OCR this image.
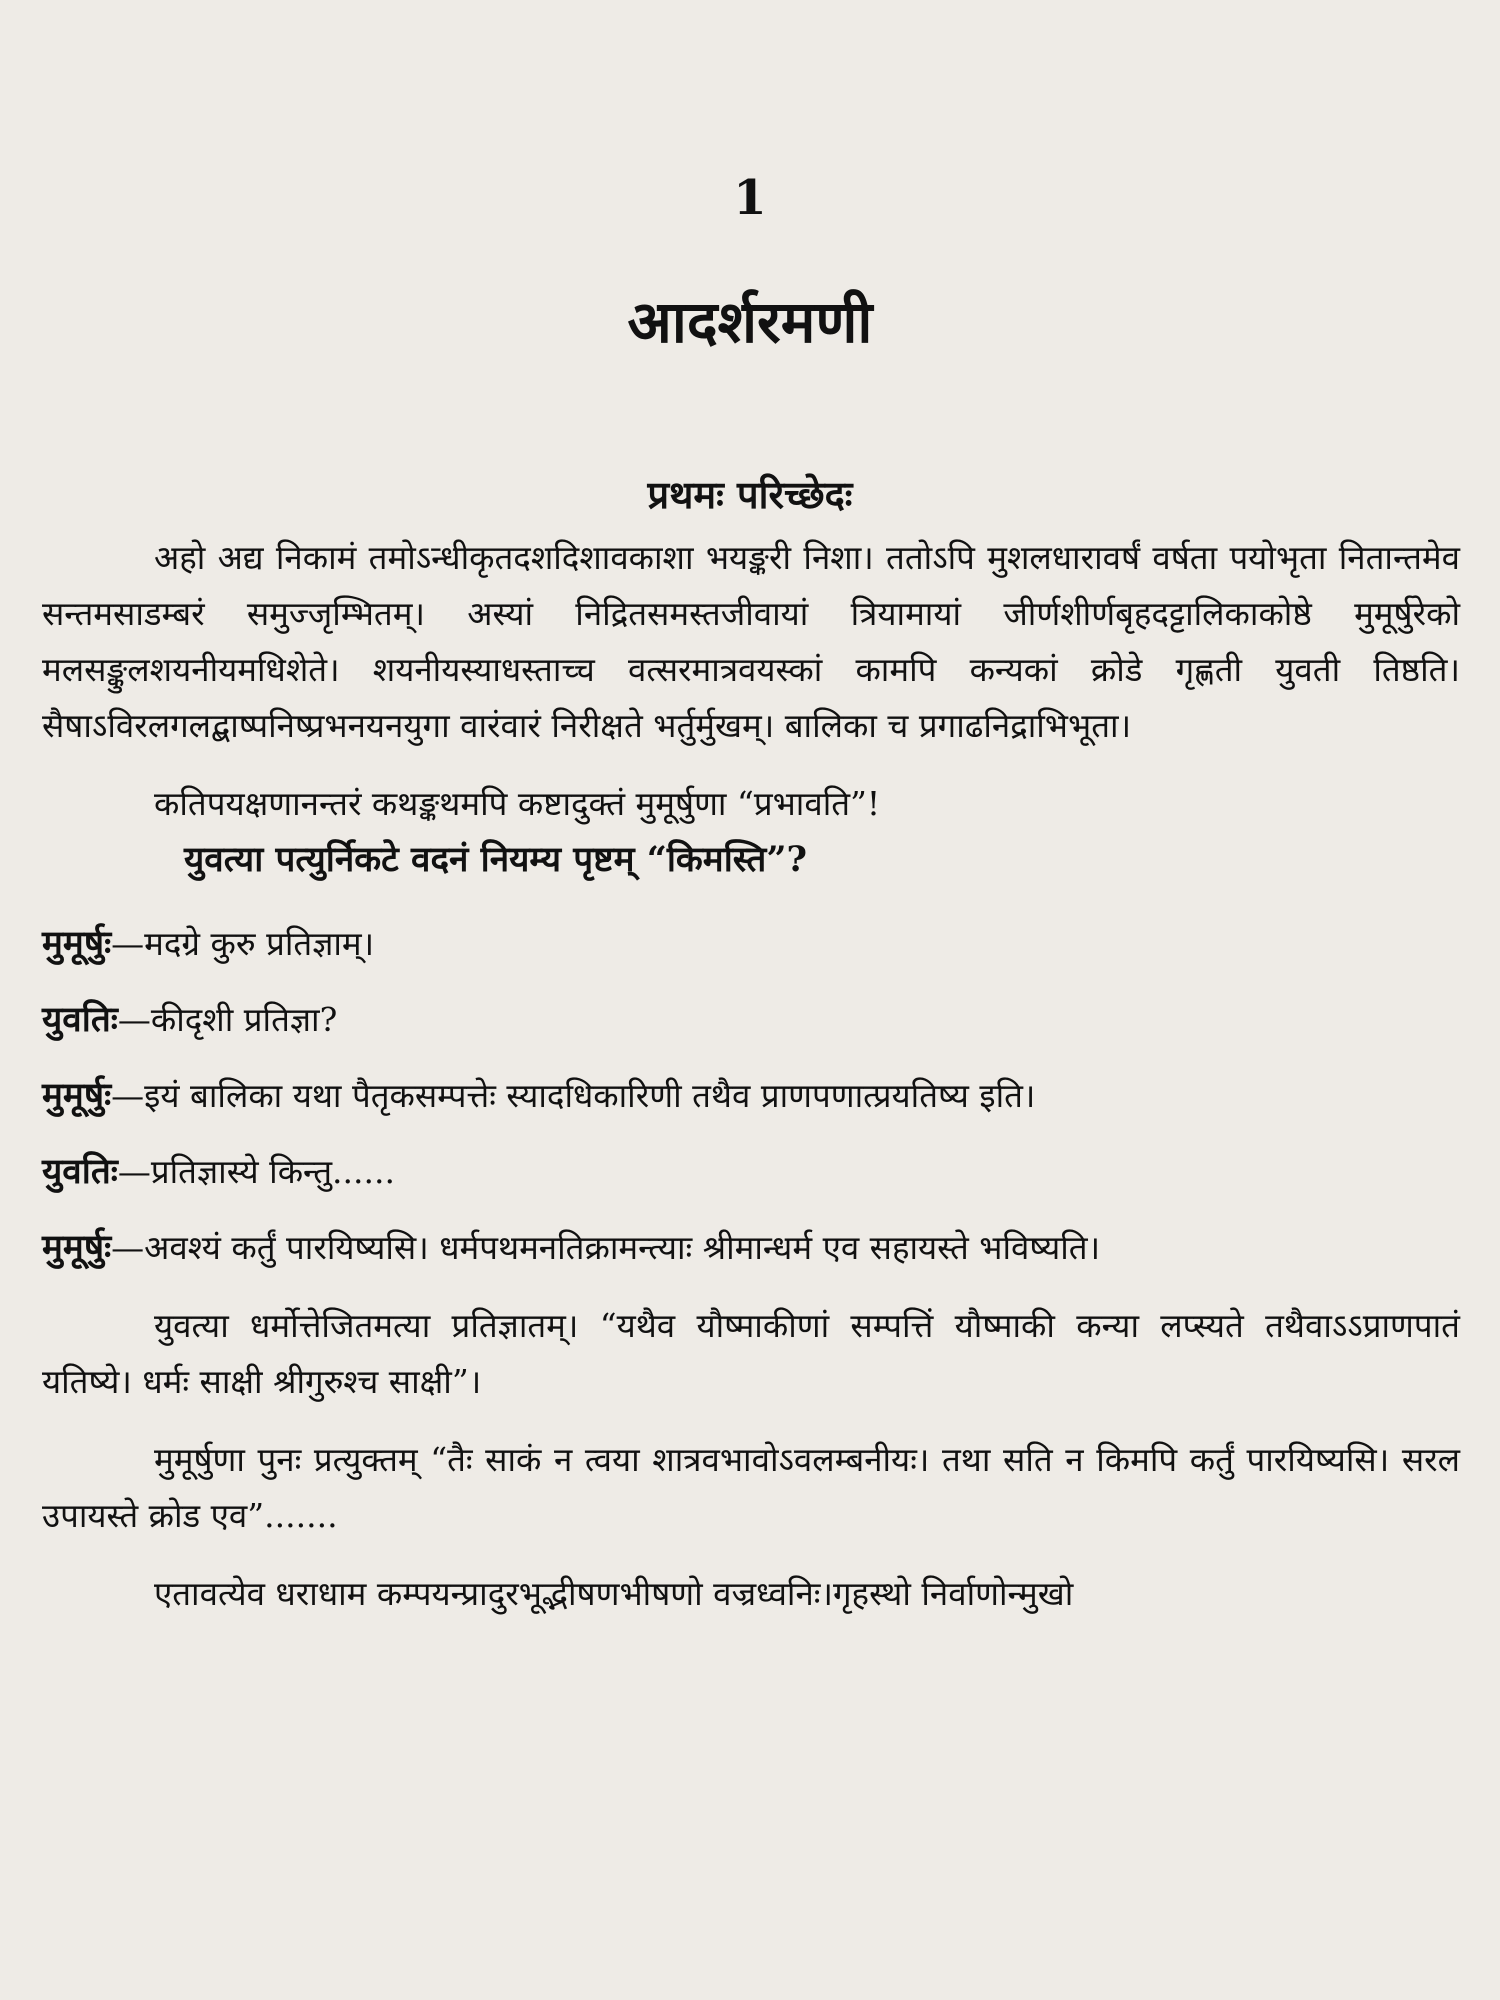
1
आदर्शरमणी
प्रथमः परिच्छेदः

अहो अद्य निकामं तमोऽन्धीकृतदशदिशावकाशा भयङ्करी निशा। ततोऽपि मुशलधारावर्षं वर्षता पयोभृता नितान्तमेव सन्तमसाडम्बरं समुज्जृम्भितम्। अस्यां निद्रितसमस्तजीवायां त्रियामायां जीर्णशीर्णबृहदट्टालिकाकोष्ठे मुमूर्षुरेको मलसङ्कुलशयनीयमधिशेते। शयनीयस्याधस्ताच्च वत्सरमात्रवयस्कां कामपि कन्यकां क्रोडे गृह्णती युवती तिष्ठति। सैषाऽविरलगलद्बाष्पनिष्प्रभनयनयुगा वारंवारं निरीक्षते भर्तुर्मुखम्। बालिका च प्रगाढनिद्राभिभूता।

कतिपयक्षणानन्तरं कथङ्कथमपि कष्टादुक्तं मुमूर्षुणा “प्रभावति”!

युवत्या पत्युर्निकटे वदनं नियम्य पृष्टम् “किमस्ति”?

मुमूर्षुः—मदग्रे कुरु प्रतिज्ञाम्।

युवतिः—कीदृशी प्रतिज्ञा?

मुमूर्षुः—इयं बालिका यथा पैतृकसम्पत्तेः स्यादधिकारिणी तथैव प्राणपणात्प्रयतिष्य इति।

युवतिः—प्रतिज्ञास्ये किन्तु......

मुमूर्षुः—अवश्यं कर्तुं पारयिष्यसि। धर्मपथमनतिक्रामन्त्याः श्रीमान्धर्म एव सहायस्ते भविष्यति।

युवत्या धर्मोत्तेजितमत्या प्रतिज्ञातम्। “यथैव यौष्माकीणां सम्पत्तिं यौष्माकी कन्या लप्स्यते तथैवाऽऽप्राणपातं यतिष्ये। धर्मः साक्षी श्रीगुरुश्च साक्षी”।

मुमूर्षुणा पुनः प्रत्युक्तम् “तैः साकं न त्वया शात्रवभावोऽवलम्बनीयः। तथा सति न किमपि कर्तुं पारयिष्यसि। सरल उपायस्ते क्रोड एव”.......

एतावत्येव धराधाम कम्पयन्प्रादुरभूद्भीषणभीषणो वज्रध्वनिः।गृहस्थो निर्वाणोन्मुखो
